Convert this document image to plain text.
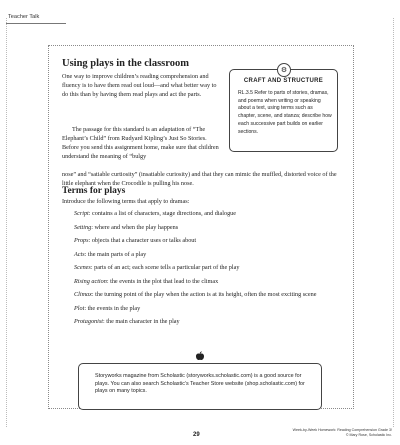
Teacher Talk
Using plays in the classroom
One way to improve children’s reading comprehension and fluency is to have them read out loud—and what better way to do this than by having them read plays and act the parts.
The passage for this standard is an adaptation of “The Elephant’s Child” from Rudyard Kipling’s Just So Stories. Before you send this assignment home, make sure that children understand the meaning of “bulgy
nose” and “satiable curtiosity” (insatiable curiosity) and that they can mimic the muffled, distorted voice of the little elephant when the Crocodile is pulling his nose.
⚙
CRAFT AND STRUCTURE
RL.3.5 Refer to parts of stories, dramas, and poems when writing or speaking about a text, using terms such as chapter, scene, and stanza; describe how each successive part builds on earlier sections.
Terms for plays
Introduce the following terms that apply to dramas:
Script: contains a list of characters, stage directions, and dialogue
Setting: where and when the play happens
Props: objects that a character uses or talks about
Acts: the main parts of a play
Scenes: parts of an act; each scene tells a particular part of the play
Rising action: the events in the plot that lead to the climax
Climax: the turning point of the play when the action is at its height, often the most exciting scene
Plot: the events in the play
Protagonist: the main character in the play
Storyworks magazine from Scholastic (storyworks.scholastic.com) is a good source for plays. You can also search Scholastic’s Teacher Store website (shop.scholastic.com) for plays on many topics.
29
Week-by-Week Homework: Reading Comprehension Grade 3!
© Mary Rose, Scholastic Inc.
